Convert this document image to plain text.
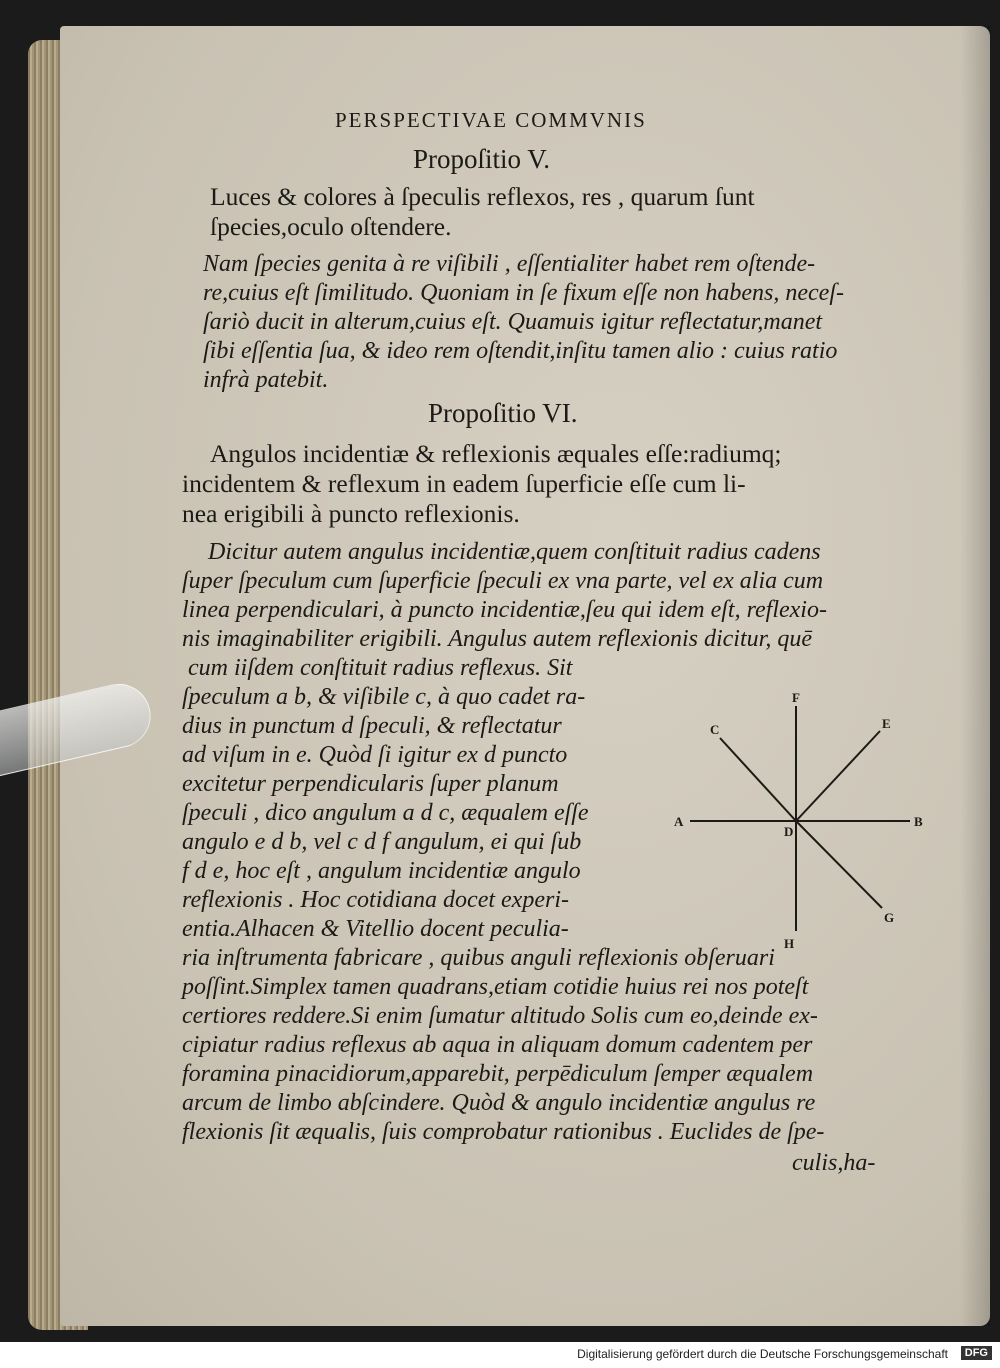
PERSPECTIVAE COMMVNIS
Propoſitio V.
Luces & colores à ſpeculis reflexos, res , quarum ſunt
ſpecies,oculo oſtendere.
Nam ſpecies genita à re viſibili , eſſentialiter habet rem oſtende-
re,cuius eſt ſimilitudo. Quoniam in ſe fixum eſſe non habens, neceſ-
ſariò ducit in alterum,cuius eſt. Quamuis igitur reflectatur,manet
ſibi eſſentia ſua, & ideo rem oſtendit,inſitu tamen alio : cuius ratio
infrà patebit.
Propoſitio VI.
Angulos incidentiæ & reflexionis æquales eſſe:radiumq;
incidentem & reflexum in eadem ſuperficie eſſe cum li-
nea erigibili à puncto reflexionis.
Dicitur autem angulus incidentiæ,quem conſtituit radius cadens
ſuper ſpeculum cum ſuperficie ſpeculi ex vna parte, vel ex alia cum
linea perpendiculari, à puncto incidentiæ,ſeu qui idem eſt, reflexio-
nis imaginabiliter erigibili. Angulus autem reflexionis dicitur, quē
cum iiſdem conſtituit radius reflexus. Sit
ſpeculum a b, & viſibile c, à quo cadet ra-
dius in punctum d ſpeculi, & reflectatur
ad viſum in e. Quòd ſi igitur ex d puncto
excitetur perpendicularis ſuper planum
ſpeculi , dico angulum a d c, æqualem eſſe
angulo e d b, vel c d f angulum, ei qui ſub
f d e, hoc eſt , angulum incidentiæ angulo
reflexionis . Hoc cotidiana docet experi-
entia.Alhacen & Vitellio docent peculia-
ria inſtrumenta fabricare , quibus anguli reflexionis obſeruari
poſſint.Simplex tamen quadrans,etiam cotidie huius rei nos poteſt
certiores reddere.Si enim ſumatur altitudo Solis cum eo,deinde ex-
cipiatur radius reflexus ab aqua in aliquam domum cadentem per
foramina pinacidiorum,apparebit, perpēdiculum ſemper æqualem
arcum de limbo abſcindere. Quòd & angulo incidentiæ angulus re
flexionis ſit æqualis, ſuis comprobatur rationibus . Euclides de ſpe-
culis,ha-
A	B
C
D
E
F
G
H
Digitalisierung gefördert durch die Deutsche Forschungsgemeinschaft	DFG
